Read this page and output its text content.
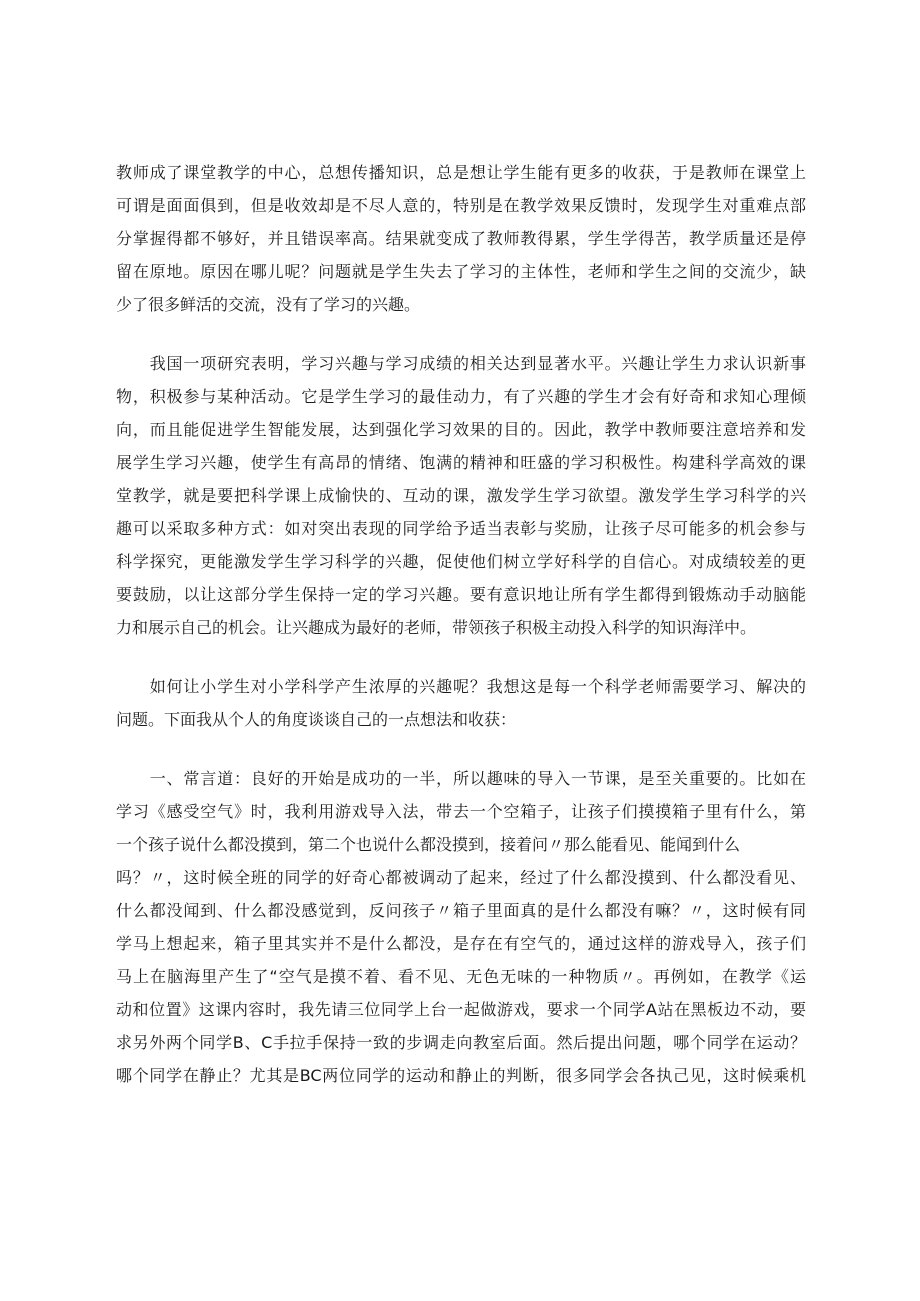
教师成了课堂教学的中心，总想传播知识，总是想让学生能有更多的收获，于是教师在课堂上
可谓是面面俱到，但是收效却是不尽人意的，特别是在教学效果反馈时，发现学生对重难点部
分掌握得都不够好，并且错误率高。结果就变成了教师教得累，学生学得苦，教学质量还是停
留在原地。原因在哪儿呢？问题就是学生失去了学习的主体性，老师和学生之间的交流少，缺
少了很多鲜活的交流，没有了学习的兴趣。
　　我国一项研究表明，学习兴趣与学习成绩的相关达到显著水平。兴趣让学生力求认识新事
物，积极参与某种活动。它是学生学习的最佳动力，有了兴趣的学生才会有好奇和求知心理倾
向，而且能促进学生智能发展，达到强化学习效果的目的。因此，教学中教师要注意培养和发
展学生学习兴趣，使学生有高昂的情绪、饱满的精神和旺盛的学习积极性。构建科学高效的课
堂教学，就是要把科学课上成愉快的、互动的课，激发学生学习欲望。激发学生学习科学的兴
趣可以采取多种方式：如对突出表现的同学给予适当表彰与奖励，让孩子尽可能多的机会参与
科学探究，更能激发学生学习科学的兴趣，促使他们树立学好科学的自信心。对成绩较差的更
要鼓励，以让这部分学生保持一定的学习兴趣。要有意识地让所有学生都得到锻炼动手动脑能
力和展示自己的机会。让兴趣成为最好的老师，带领孩子积极主动投入科学的知识海洋中。
　　如何让小学生对小学科学产生浓厚的兴趣呢？我想这是每一个科学老师需要学习、解决的
问题。下面我从个人的角度谈谈自己的一点想法和收获：
　　一、常言道：良好的开始是成功的一半，所以趣味的导入一节课，是至关重要的。比如在
学习《感受空气》时，我利用游戏导入法，带去一个空箱子，让孩子们摸摸箱子里有什么，第
一个孩子说什么都没摸到，第二个也说什么都没摸到，接着问〃那么能看见、能闻到什么
吗？〃，这时候全班的同学的好奇心都被调动了起来，经过了什么都没摸到、什么都没看见、
什么都没闻到、什么都没感觉到，反问孩子〃箱子里面真的是什么都没有嘛？〃，这时候有同
学马上想起来，箱子里其实并不是什么都没，是存在有空气的，通过这样的游戏导入，孩子们
马上在脑海里产生了“空气是摸不着、看不见、无色无味的一种物质〃。再例如，在教学《运
动和位置》这课内容时，我先请三位同学上台一起做游戏，要求一个同学A站在黑板边不动，要
求另外两个同学B、C手拉手保持一致的步调走向教室后面。然后提出问题，哪个同学在运动？
哪个同学在静止？尤其是BC两位同学的运动和静止的判断，很多同学会各执己见，这时候乘机
